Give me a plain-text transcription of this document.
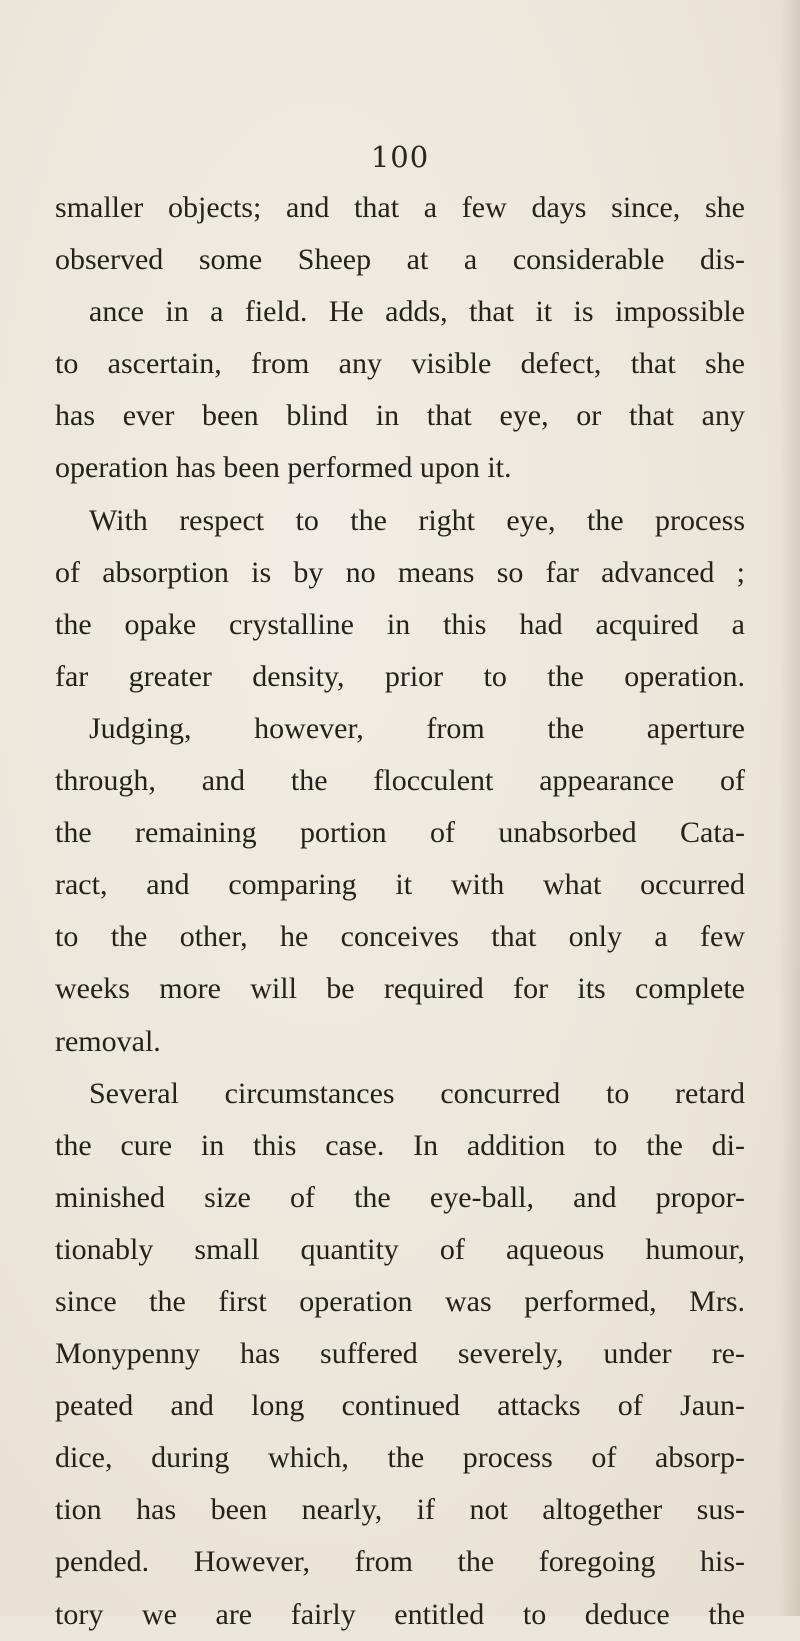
100
smaller objects; and that a few days since, she
observed some Sheep at a considerable dis-
ance in a field. He adds, that it is impossible
to ascertain, from any visible defect, that she
has ever been blind in that eye, or that any
operation has been performed upon it.
With respect to the right eye, the process
of absorption is by no means so far advanced ;
the opake crystalline in this had acquired a
far greater density, prior to the operation.
Judging, however, from the aperture
through, and the flocculent appearance of
the remaining portion of unabsorbed Cata-
ract, and comparing it with what occurred
to the other, he conceives that only a few
weeks more will be required for its complete
removal.
Several circumstances concurred to retard
the cure in this case. In addition to the di-
minished size of the eye-ball, and propor-
tionably small quantity of aqueous humour,
since the first operation was performed, Mrs.
Monypenny has suffered severely, under re-
peated and long continued attacks of Jaun-
dice, during which, the process of absorp-
tion has been nearly, if not altogether sus-
pended. However, from the foregoing his-
tory we are fairly entitled to deduce the
